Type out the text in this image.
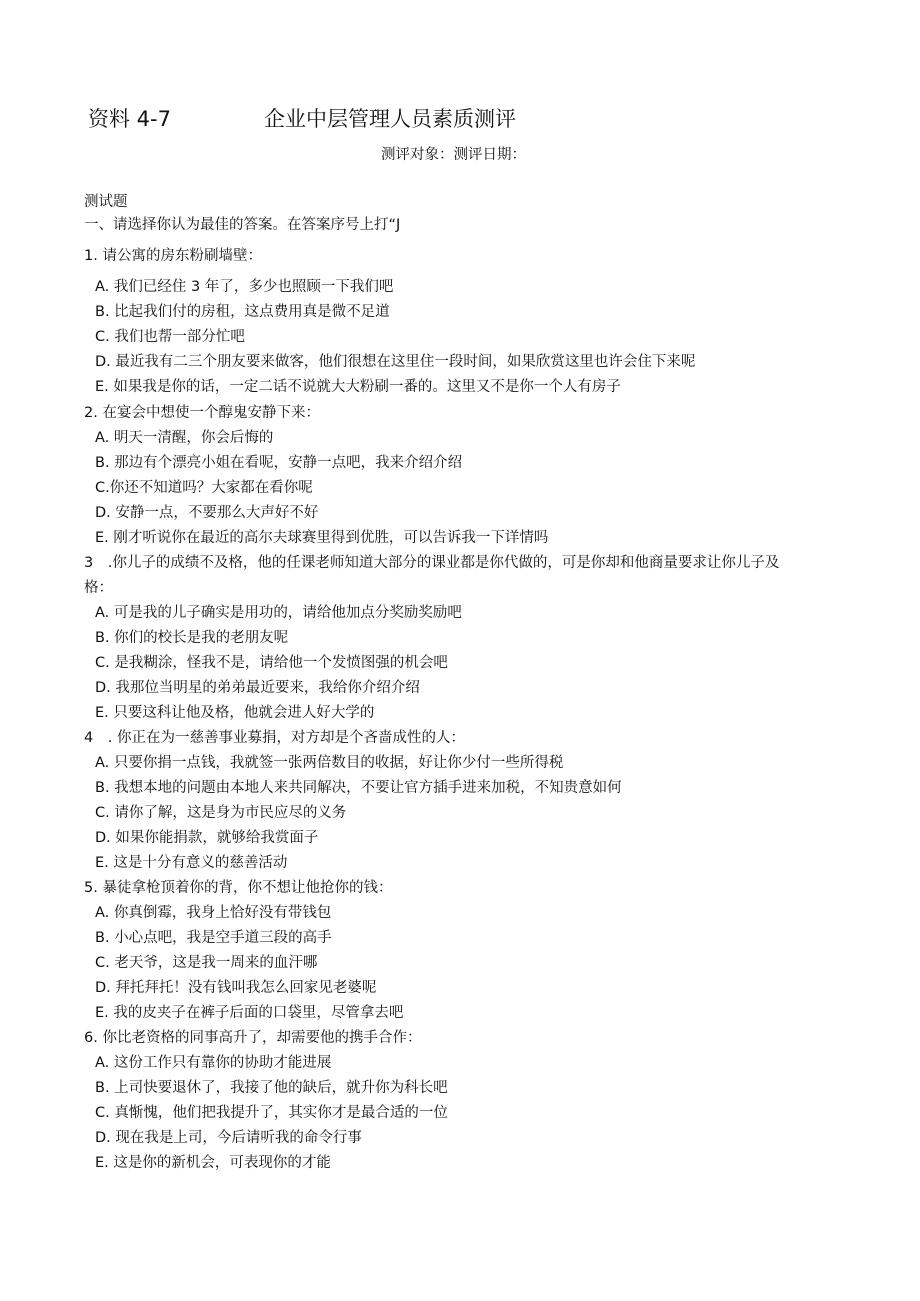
资料 4-7	企业中层管理人员素质测评
测评对象：测评日期：
测试题
一、请选择你认为最佳的答案。在答案序号上打“J
1. 请公寓的房东粉刷墙壁：
A. 我们已经住 3 年了，多少也照顾一下我们吧
B. 比起我们付的房租，这点费用真是微不足道
C. 我们也帮一部分忙吧
D. 最近我有二三个朋友要来做客，他们很想在这里住一段时间，如果欣赏这里也许会住下来呢
E. 如果我是你的话，一定二话不说就大大粉刷一番的。这里又不是你一个人有房子
2. 在宴会中想使一个醇鬼安静下来：
A. 明天一清醒，你会后悔的
B. 那边有个漂亮小姐在看呢，安静一点吧，我来介绍介绍
C.你还不知道吗？大家都在看你呢
D. 安静一点，不要那么大声好不好
E. 刚才听说你在最近的高尔夫球赛里得到优胜，可以告诉我一下详情吗
3　.你儿子的成绩不及格，他的任课老师知道大部分的课业都是你代做的，可是你却和他商量要求让你儿子及
格：
A. 可是我的儿子确实是用功的，请给他加点分奖励奖励吧
B. 你们的校长是我的老朋友呢
C. 是我糊涂，怪我不是，请给他一个发愤图强的机会吧
D. 我那位当明星的弟弟最近要来，我给你介绍介绍
E. 只要这科让他及格，他就会进人好大学的
4　. 你正在为一慈善事业募捐，对方却是个吝啬成性的人：
A. 只要你捐一点钱，我就签一张两倍数目的收据，好让你少付一些所得税
B. 我想本地的问题由本地人来共同解决，不要让官方插手进来加税，不知贵意如何
C. 请你了解，这是身为市民应尽的义务
D. 如果你能捐款，就够给我赏面子
E. 这是十分有意义的慈善活动
5. 暴徒拿枪顶着你的背，你不想让他抢你的钱：
A. 你真倒霉，我身上恰好没有带钱包
B. 小心点吧，我是空手道三段的高手
C. 老天爷，这是我一周来的血汗哪
D. 拜托拜托！没有钱叫我怎么回家见老婆呢
E. 我的皮夹子在裤子后面的口袋里，尽管拿去吧
6. 你比老资格的同事高升了，却需要他的携手合作：
A. 这份工作只有靠你的协助才能进展
B. 上司快要退休了，我接了他的缺后，就升你为科长吧
C. 真惭愧，他们把我提升了，其实你才是最合适的一位
D. 现在我是上司，今后请听我的命令行事
E. 这是你的新机会，可表现你的才能
